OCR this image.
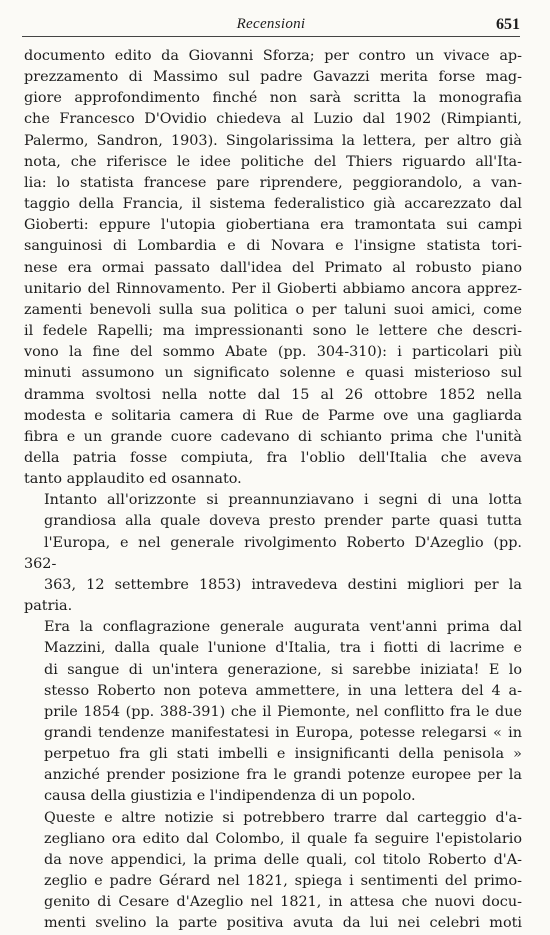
Recensioni	651

documento edito da Giovanni Sforza; per contro un vivace ap-
prezzamento di Massimo sul padre Gavazzi merita forse mag-
giore approfondimento finché non sarà scritta la monografia
che Francesco D'Ovidio chiedeva al Luzio dal 1902 (Rimpianti,
Palermo, Sandron, 1903). Singolarissima la lettera, per altro già
nota, che riferisce le idee politiche del Thiers riguardo all'Ita-
lia: lo statista francese pare riprendere, peggiorandolo, a van-
taggio della Francia, il sistema federalistico già accarezzato dal
Gioberti: eppure l'utopia giobertiana era tramontata sui campi
sanguinosi di Lombardia e di Novara e l'insigne statista tori-
nese era ormai passato dall'idea del Primato al robusto piano
unitario del Rinnovamento. Per il Gioberti abbiamo ancora apprez-
zamenti benevoli sulla sua politica o per taluni suoi amici, come
il fedele Rapelli; ma impressionanti sono le lettere che descri-
vono la fine del sommo Abate (pp. 304-310): i particolari più
minuti assumono un significato solenne e quasi misterioso sul
dramma svoltosi nella notte dal 15 al 26 ottobre 1852 nella
modesta e solitaria camera di Rue de Parme ove una gagliarda
fibra e un grande cuore cadevano di schianto prima che l'unità
della patria fosse compiuta, fra l'oblio dell'Italia che aveva
tanto applaudito ed osannato.

Intanto all'orizzonte si preannunziavano i segni di una lotta
grandiosa alla quale doveva presto prender parte quasi tutta
l'Europa, e nel generale rivolgimento Roberto D'Azeglio (pp. 362-
363, 12 settembre 1853) intravedeva destini migliori per la patria.
Era la conflagrazione generale augurata vent'anni prima dal
Mazzini, dalla quale l'unione d'Italia, tra i fiotti di lacrime e
di sangue di un'intera generazione, si sarebbe iniziata! E lo
stesso Roberto non poteva ammettere, in una lettera del 4 a-
prile 1854 (pp. 388-391) che il Piemonte, nel conflitto fra le due
grandi tendenze manifestatesi in Europa, potesse relegarsi « in
perpetuo fra gli stati imbelli e insignificanti della penisola »
anziché prender posizione fra le grandi potenze europee per la
causa della giustizia e l'indipendenza di un popolo.

Queste e altre notizie si potrebbero trarre dal carteggio d'a-
zegliano ora edito dal Colombo, il quale fa seguire l'epistolario
da nove appendici, la prima delle quali, col titolo Roberto d'A-
zeglio e padre Gérard nel 1821, spiega i sentimenti del primo-
genito di Cesare d'Azeglio nel 1821, in attesa che nuovi docu-
menti svelino la parte positiva avuta da lui nei celebri moti
